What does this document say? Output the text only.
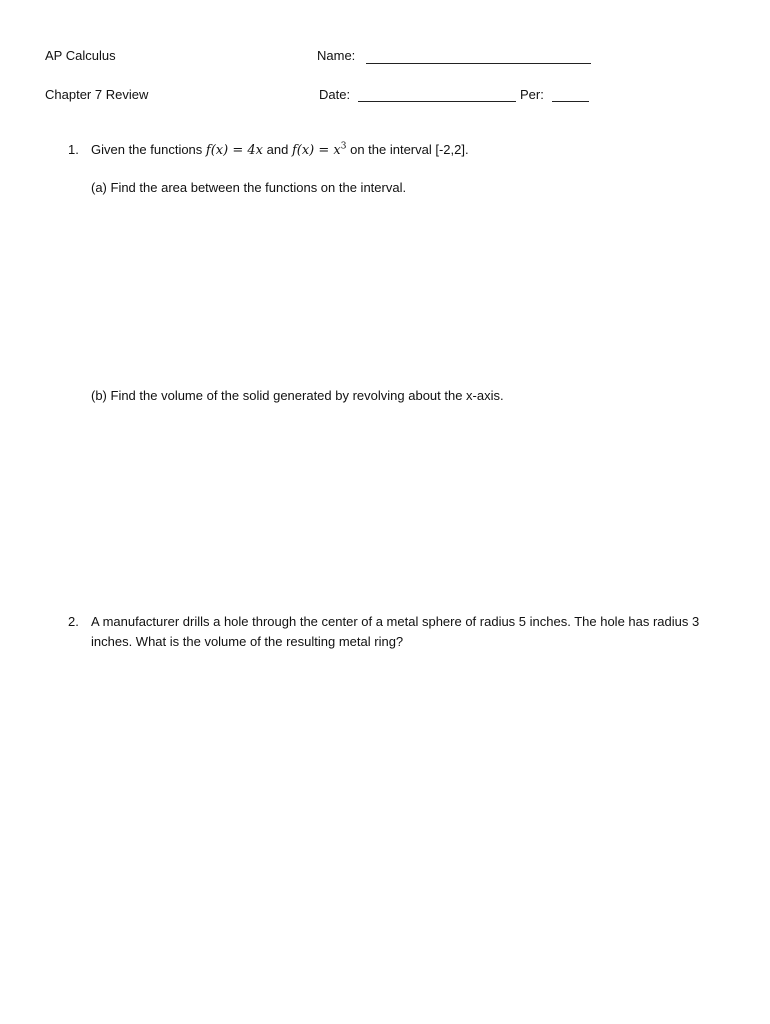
AP Calculus	Name:
Chapter 7 Review	Date:	Per:
1. Given the functions f(x) = 4x and $f(x) = x^3$ on the interval [-2,2].
(a) Find the area between the functions on the interval.
(b) Find the volume of the solid generated by revolving about the x-axis.
2. A manufacturer drills a hole through the center of a metal sphere of radius 5 inches. The hole has radius 3 inches. What is the volume of the resulting metal ring?
